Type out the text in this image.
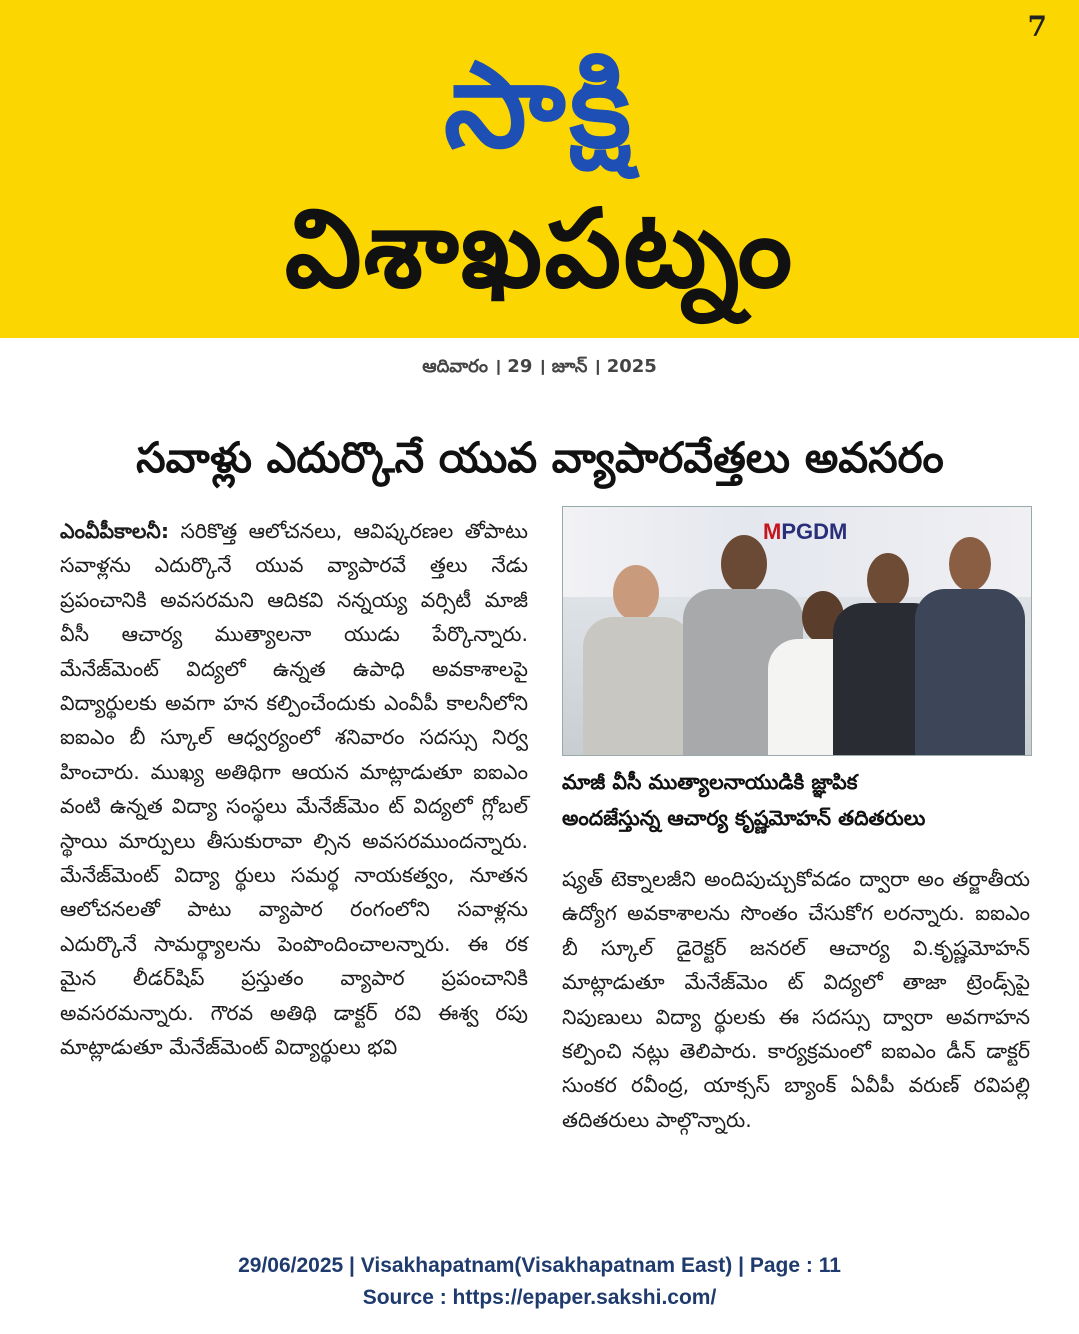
7
సాక్షి
విశాఖపట్నం
ఆదివారం । 29 । జూన్‌ । 2025
సవాళ్లు ఎదుర్కొనే యువ వ్యాపారవేత్తలు అవసరం

ఎంవీపీకాలనీ: సరికొత్త ఆలోచనలు, ఆవిష్కరణల తోపాటు సవాళ్లను ఎదుర్కొనే యువ వ్యాపారవే త్తలు నేడు ప్రపంచానికి అవసరమని ఆదికవి నన్నయ్య వర్సిటీ మాజీ వీసీ ఆచార్య ముత్యాలనా యుడు పేర్కొన్నారు. మేనేజ్‌మెంట్‌ విద్యలో ఉన్నత ఉపాధి అవకాశాలపై విద్యార్థులకు అవగా హన కల్పించేందుకు ఎంవీపీ కాలనీలోని ఐఐఎం బీ స్కూల్‌ ఆధ్వర్యంలో శనివారం సదస్సు నిర్వ హించారు. ముఖ్య అతిథిగా ఆయన మాట్లాడుతూ ఐఐఎం వంటి ఉన్నత విద్యా సంస్థలు మేనేజ్‌మెం ట్‌ విద్యలో గ్లోబల్‌ స్థాయి మార్పులు తీసుకురావా ల్సిన అవసరముందన్నారు. మేనేజ్‌మెంట్‌ విద్యా ర్థులు సమర్థ నాయకత్వం, నూతన ఆలోచనలతో పాటు వ్యాపార రంగంలోని సవాళ్లను ఎదుర్కొనే సామర్థ్యాలను పెంపొందించాలన్నారు. ఈ రక మైన లీడర్‌షిప్‌ ప్రస్తుతం వ్యాపార ప్రపంచానికి అవసరమన్నారు. గౌరవ అతిథి డాక్టర్‌ రవి ఈశ్వ రపు మాట్లాడుతూ మేనేజ్‌మెంట్‌ విద్యార్థులు భవి

MPGDM
మాజీ వీసీ ముత్యాలనాయుడికి జ్ఞాపిక
అందజేస్తున్న ఆచార్య కృష్ణమోహన్‌ తదితరులు

ష్యత్‌ టెక్నాలజీని అందిపుచ్చుకోవడం ద్వారా అం తర్జాతీయ ఉద్యోగ అవకాశాలను సొంతం చేసుకోగ లరన్నారు. ఐఐఎం బీ స్కూల్‌ డైరెక్టర్‌ జనరల్‌ ఆచార్య వి.కృష్ణమోహన్‌ మాట్లాడుతూ మేనేజ్‌మెం ట్‌ విద్యలో తాజా ట్రెండ్స్‌పై నిపుణులు విద్యా ర్థులకు ఈ సదస్సు ద్వారా అవగాహన కల్పించి నట్లు తెలిపారు. కార్యక్రమంలో ఐఐఎం డీన్‌ డాక్టర్‌ సుంకర రవీంద్ర, యాక్సస్‌ బ్యాంక్‌ ఏవీపీ వరుణ్‌ రవిపల్లి తదితరులు పాల్గొన్నారు.

29/06/2025 | Visakhapatnam(Visakhapatnam East) | Page : 11
Source : https://epaper.sakshi.com/
